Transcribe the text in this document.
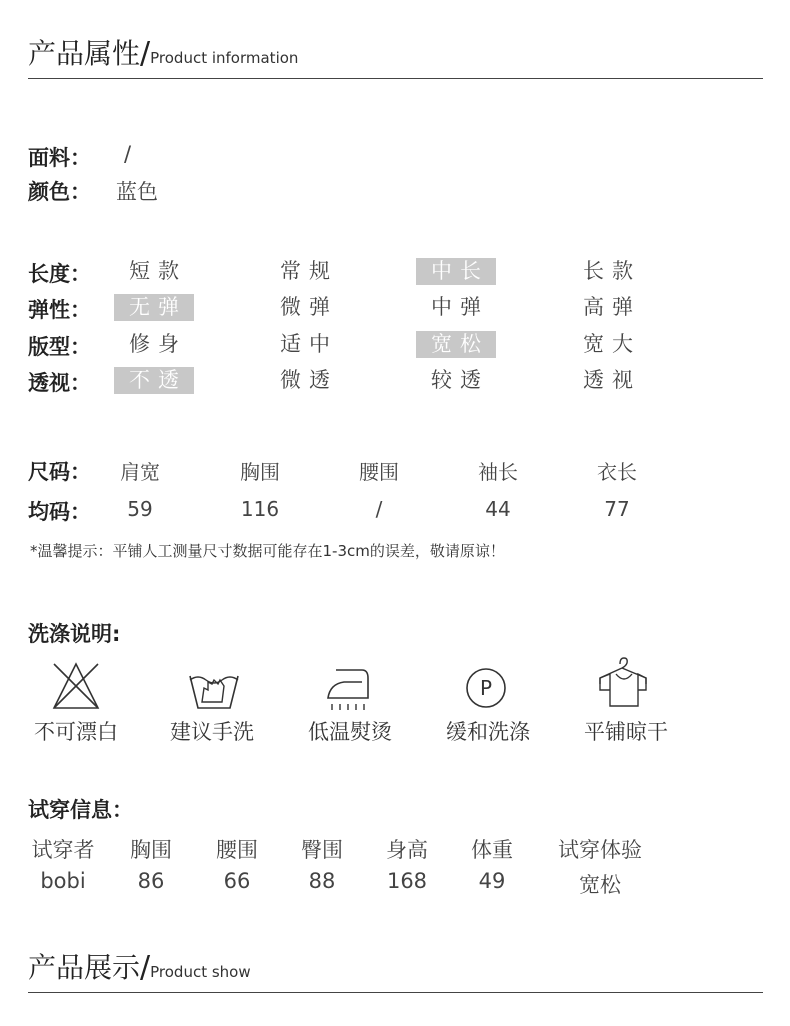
产品属性/Product information
面料： /
颜色： 蓝色
长度：	短款	常规	中长	长款
弹性：	无弹	微弹	中弹	高弹
版型：	修身	适中	宽松	宽大
透视：	不透	微透	较透	透视
尺码：	肩宽	胸围	腰围	袖长	衣长
均码：	59	116	/	44	77
*温馨提示：平铺人工测量尺寸数据可能存在1-3cm的误差，敬请原谅！
洗涤说明:
P
不可漂白	建议手洗	低温熨烫	缓和洗涤	平铺晾干
试穿信息：
试穿者	胸围	腰围	臀围	身高	体重	试穿体验
bobi	86	66	88	168	49	宽松
产品展示/Product show
